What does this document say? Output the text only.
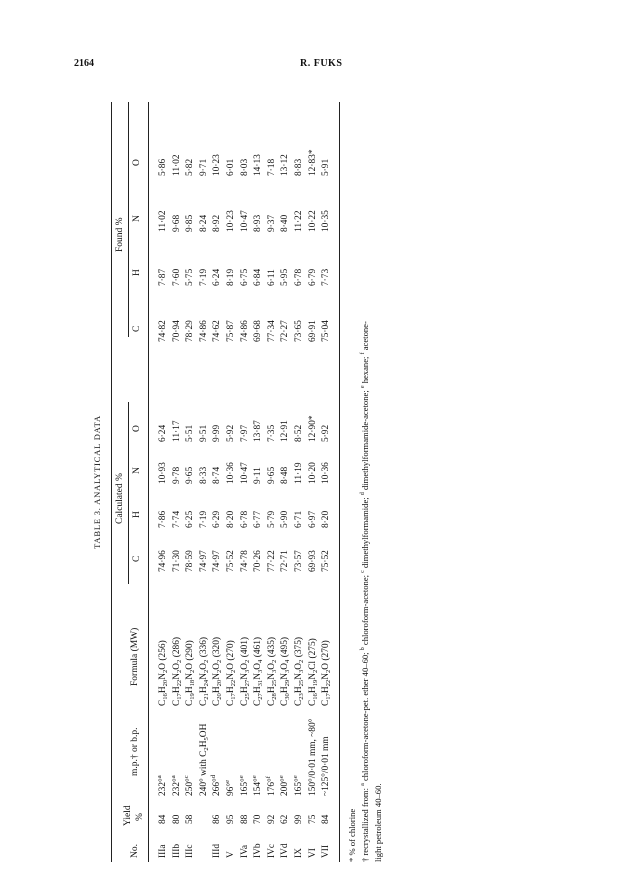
2164	R. FUKS
TABLE 3. ANALYTICAL DATA
No.
Yield %
m.p.† or b.p.
Formula (MW)
Calculated %
Found %
C
H
N
O
C
H
N
O
IIIa
84
232°$^a$
$C_{16}H_{20}N_2O$ (256)
74·96
7·86
10·93
6·24
74·82
7·87
11·02
5·86
IIIb
80
232°$^a$
$C_{17}H_{22}N_2O_2$ (286)
71·30
7·74
9·78
11·17
70·94
7·60
9·68
11·02
IIIc
58
250°$^c$
$C_{19}H_{18}N_2O$ (290)
78·59
6·25
9·65
5·51
78·29
5·75
9·85
5·82
240° with $C_2H_5OH$
$C_{21}H_{24}N_2O_2$ (336)
74·97
7·19
8·33
9·51
74·86
7·19
8·24
9·71
IIId
86
266°$^d$
$C_{20}H_{20}N_2O_2$ (320)
74·97
6·29
8·74
9·99
74·62
6·24
8·92
10·23
V
95
96°$^e$
$C_{17}H_{22}N_2O$ (270)
75·52
8·20
10·36
5·92
75·87
8·19
10·23
6·01
IVa
88
165°$^e$
$C_{25}H_{27}N_3O_2$ (401)
74·78
6·78
10·47
7·97
74·86
6·75
10·47
8·03
IVb
70
154°$^e$
$C_{27}H_{31}N_3O_4$ (461)
70·26
6·77
9·11
13·87
69·68
6·84
8·93
14·13
IVc
92
176°$^f$
$C_{28}H_{25}N_3O_2$ (435)
77·22
5·79
9·65
7·35
77·34
6·11
9·37
7·18
IVd
62
200°$^e$
$C_{30}H_{29}N_3O_4$ (495)
72·71
5·90
8·48
12·91
72·27
5·95
8·40
13·12
IX
99
165°$^e$
$C_{23}H_{25}N_3O_2$ (375)
73·57
6·71
11·19
8·52
73·65
6·78
11·22
8·83
VI
75
150°/0·01 mm, ~80°
$C_{16}H_{19}N_2Cl$ (275)
69·93
6·97
10·20
12·90*
69·91
6·79
10·22
12·83*
VII
84
~125°/0·01 mm
$C_{17}H_{22}N_2O$ (270)
75·52
8·20
10·36
5·92
75·04
7·73
10·35
5·91
* % of chlorine † recrystallized from: $^a$ chloroform-acetone-pet. ether 40–60; $^b$ chloroform-acetone; $^c$ dimethylformamide; $^d$ dimethylformamide-acetone; $^e$ hexane; $^f$ acetone-
light petroleum 40–60.
